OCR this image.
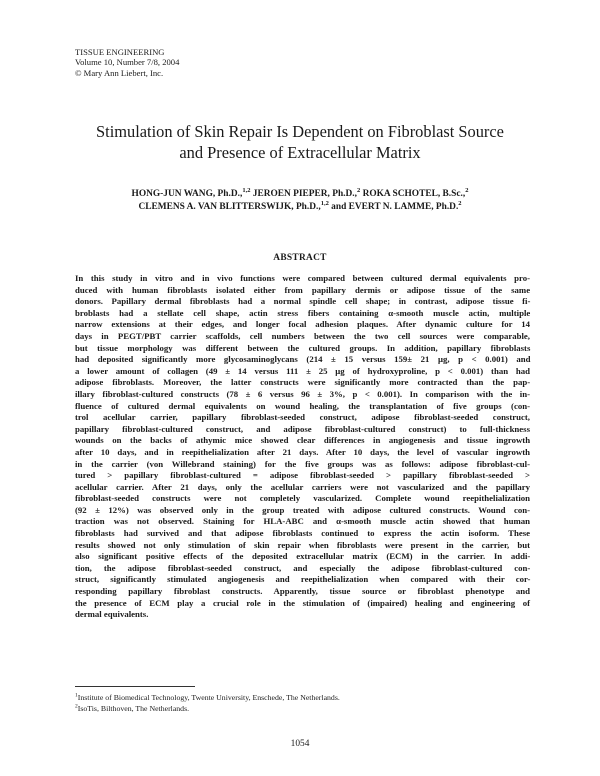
TISSUE ENGINEERING
Volume 10, Number 7/8, 2004
© Mary Ann Liebert, Inc.
Stimulation of Skin Repair Is Dependent on Fibroblast Source
and Presence of Extracellular Matrix
HONG-JUN WANG, Ph.D.,$^{1,2}$ JEROEN PIEPER, Ph.D.,$^2$ ROKA SCHOTEL, B.Sc.,$^2$
CLEMENS A. VAN BLITTERSWIJK, Ph.D.,$^{1,2}$ and EVERT N. LAMME, Ph.D.$^2$
ABSTRACT
In this study in vitro and in vivo functions were compared between cultured dermal equivalents pro-
duced with human fibroblasts isolated either from papillary dermis or adipose tissue of the same
donors. Papillary dermal fibroblasts had a normal spindle cell shape; in contrast, adipose tissue fi-
broblasts had a stellate cell shape, actin stress fibers containing α-smooth muscle actin, multiple
narrow extensions at their edges, and longer focal adhesion plaques. After dynamic culture for 14
days in PEGT/PBT carrier scaffolds, cell numbers between the two cell sources were comparable,
but tissue morphology was different between the cultured groups. In addition, papillary fibroblasts
had deposited significantly more glycosaminoglycans (214 ± 15 versus 159± 21 μg, p < 0.001) and
a lower amount of collagen (49 ± 14 versus 111 ± 25 μg of hydroxyproline, p < 0.001) than had
adipose fibroblasts. Moreover, the latter constructs were significantly more contracted than the pap-
illary fibroblast-cultured constructs (78 ± 6 versus 96 ± 3%, p < 0.001). In comparison with the in-
fluence of cultured dermal equivalents on wound healing, the transplantation of five groups (con-
trol acellular carrier, papillary fibroblast-seeded construct, adipose fibroblast-seeded construct,
papillary fibroblast-cultured construct, and adipose fibroblast-cultured construct) to full-thickness
wounds on the backs of athymic mice showed clear differences in angiogenesis and tissue ingrowth
after 10 days, and in reepithelialization after 21 days. After 10 days, the level of vascular ingrowth
in the carrier (von Willebrand staining) for the five groups was as follows: adipose fibroblast-cul-
tured > papillary fibroblast-cultured = adipose fibroblast-seeded > papillary fibroblast-seeded >
acellular carrier. After 21 days, only the acellular carriers were not vascularized and the papillary
fibroblast-seeded constructs were not completely vascularized. Complete wound reepithelialization
(92 ± 12%) was observed only in the group treated with adipose cultured constructs. Wound con-
traction was not observed. Staining for HLA-ABC and α-smooth muscle actin showed that human
fibroblasts had survived and that adipose fibroblasts continued to express the actin isoform. These
results showed not only stimulation of skin repair when fibroblasts were present in the carrier, but
also significant positive effects of the deposited extracellular matrix (ECM) in the carrier. In addi-
tion, the adipose fibroblast-seeded construct, and especially the adipose fibroblast-cultured con-
struct, significantly stimulated angiogenesis and reepithelialization when compared with their cor-
responding papillary fibroblast constructs. Apparently, tissue source or fibroblast phenotype and
the presence of ECM play a crucial role in the stimulation of (impaired) healing and engineering of
dermal equivalents.
$^1$Institute of Biomedical Technology, Twente University, Enschede, The Netherlands.
$^2$IsoTis, Bilthoven, The Netherlands.
1054
